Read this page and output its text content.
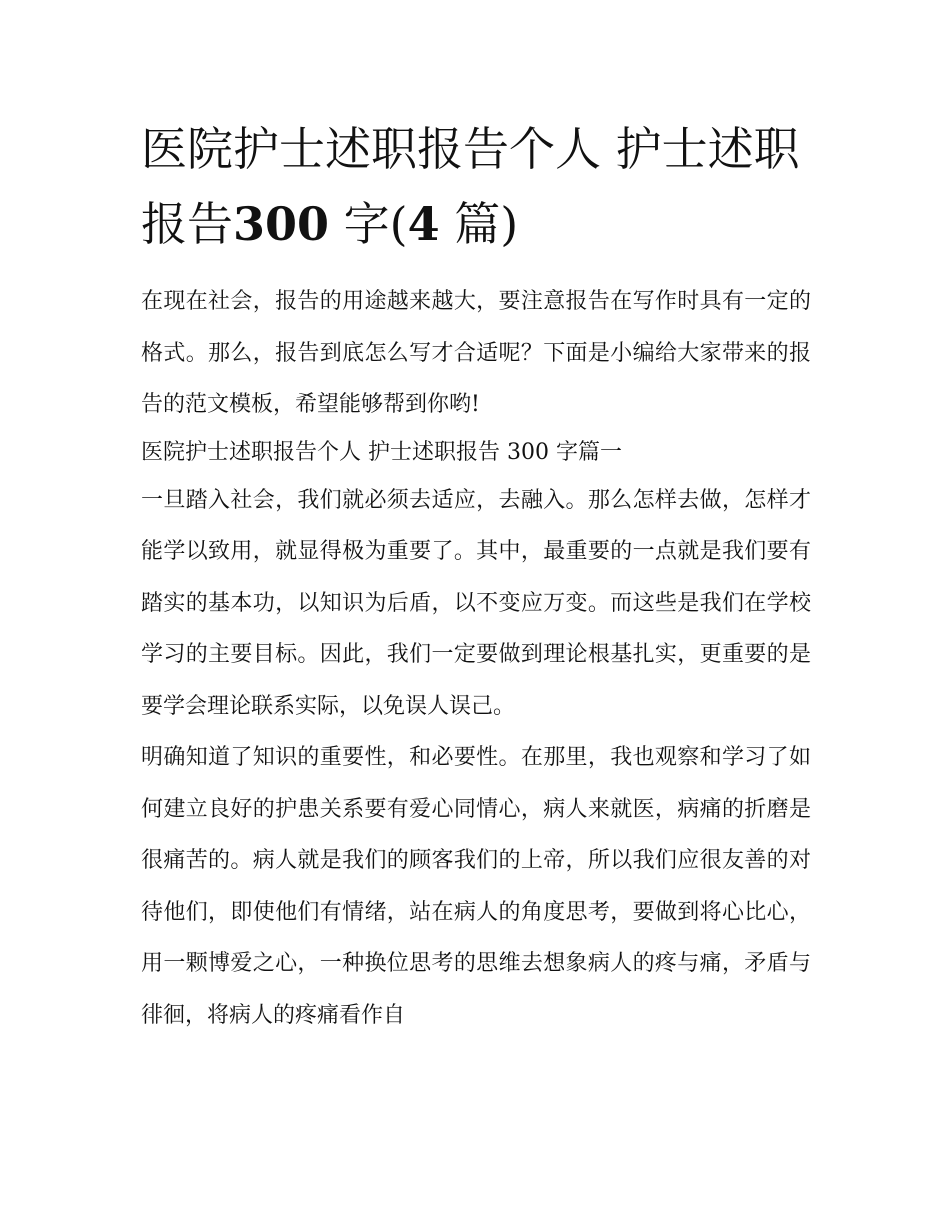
医院护士述职报告个人 护士述职报告300 字(4 篇)

在现在社会，报告的用途越来越大，要注意报告在写作时具有一定的格式。那么，报告到底怎么写才合适呢？下面是小编给大家带来的报告的范文模板，希望能够帮到你哟!

医院护士述职报告个人 护士述职报告 300 字篇一

一旦踏入社会，我们就必须去适应，去融入。那么怎样去做，怎样才能学以致用，就显得极为重要了。其中，最重要的一点就是我们要有踏实的基本功，以知识为后盾，以不变应万变。而这些是我们在学校学习的主要目标。因此，我们一定要做到理论根基扎实，更重要的是要学会理论联系实际，以免误人误己。

明确知道了知识的重要性，和必要性。在那里，我也观察和学习了如何建立良好的护患关系要有爱心同情心，病人来就医，病痛的折磨是很痛苦的。病人就是我们的顾客我们的上帝，所以我们应很友善的对待他们，即使他们有情绪，站在病人的角度思考，要做到将心比心，用一颗博爱之心，一种换位思考的思维去想象病人的疼与痛，矛盾与徘徊，将病人的疼痛看作自
